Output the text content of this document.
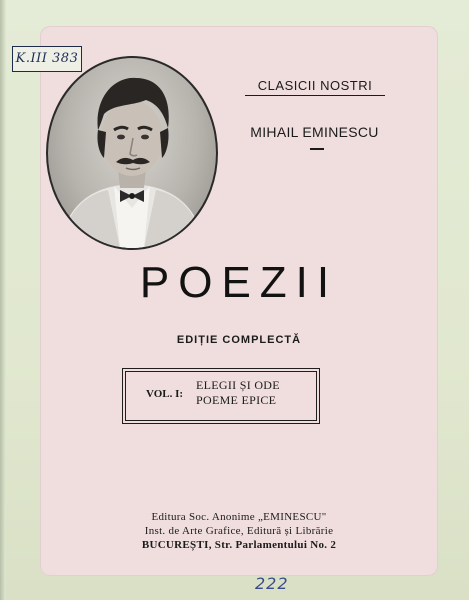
K.III 383
CLASICII NOSTRI
MIHAIL EMINESCU
POEZII
EDIȚIE COMPLECTĂ
VOL. I:
ELEGII ȘI ODE
POEME EPICE
Editura Soc. Anonime „EMINESCU"
Inst. de Arte Grafice, Editură și Librărie
BUCUREȘTI, Str. Parlamentului No. 2
222
